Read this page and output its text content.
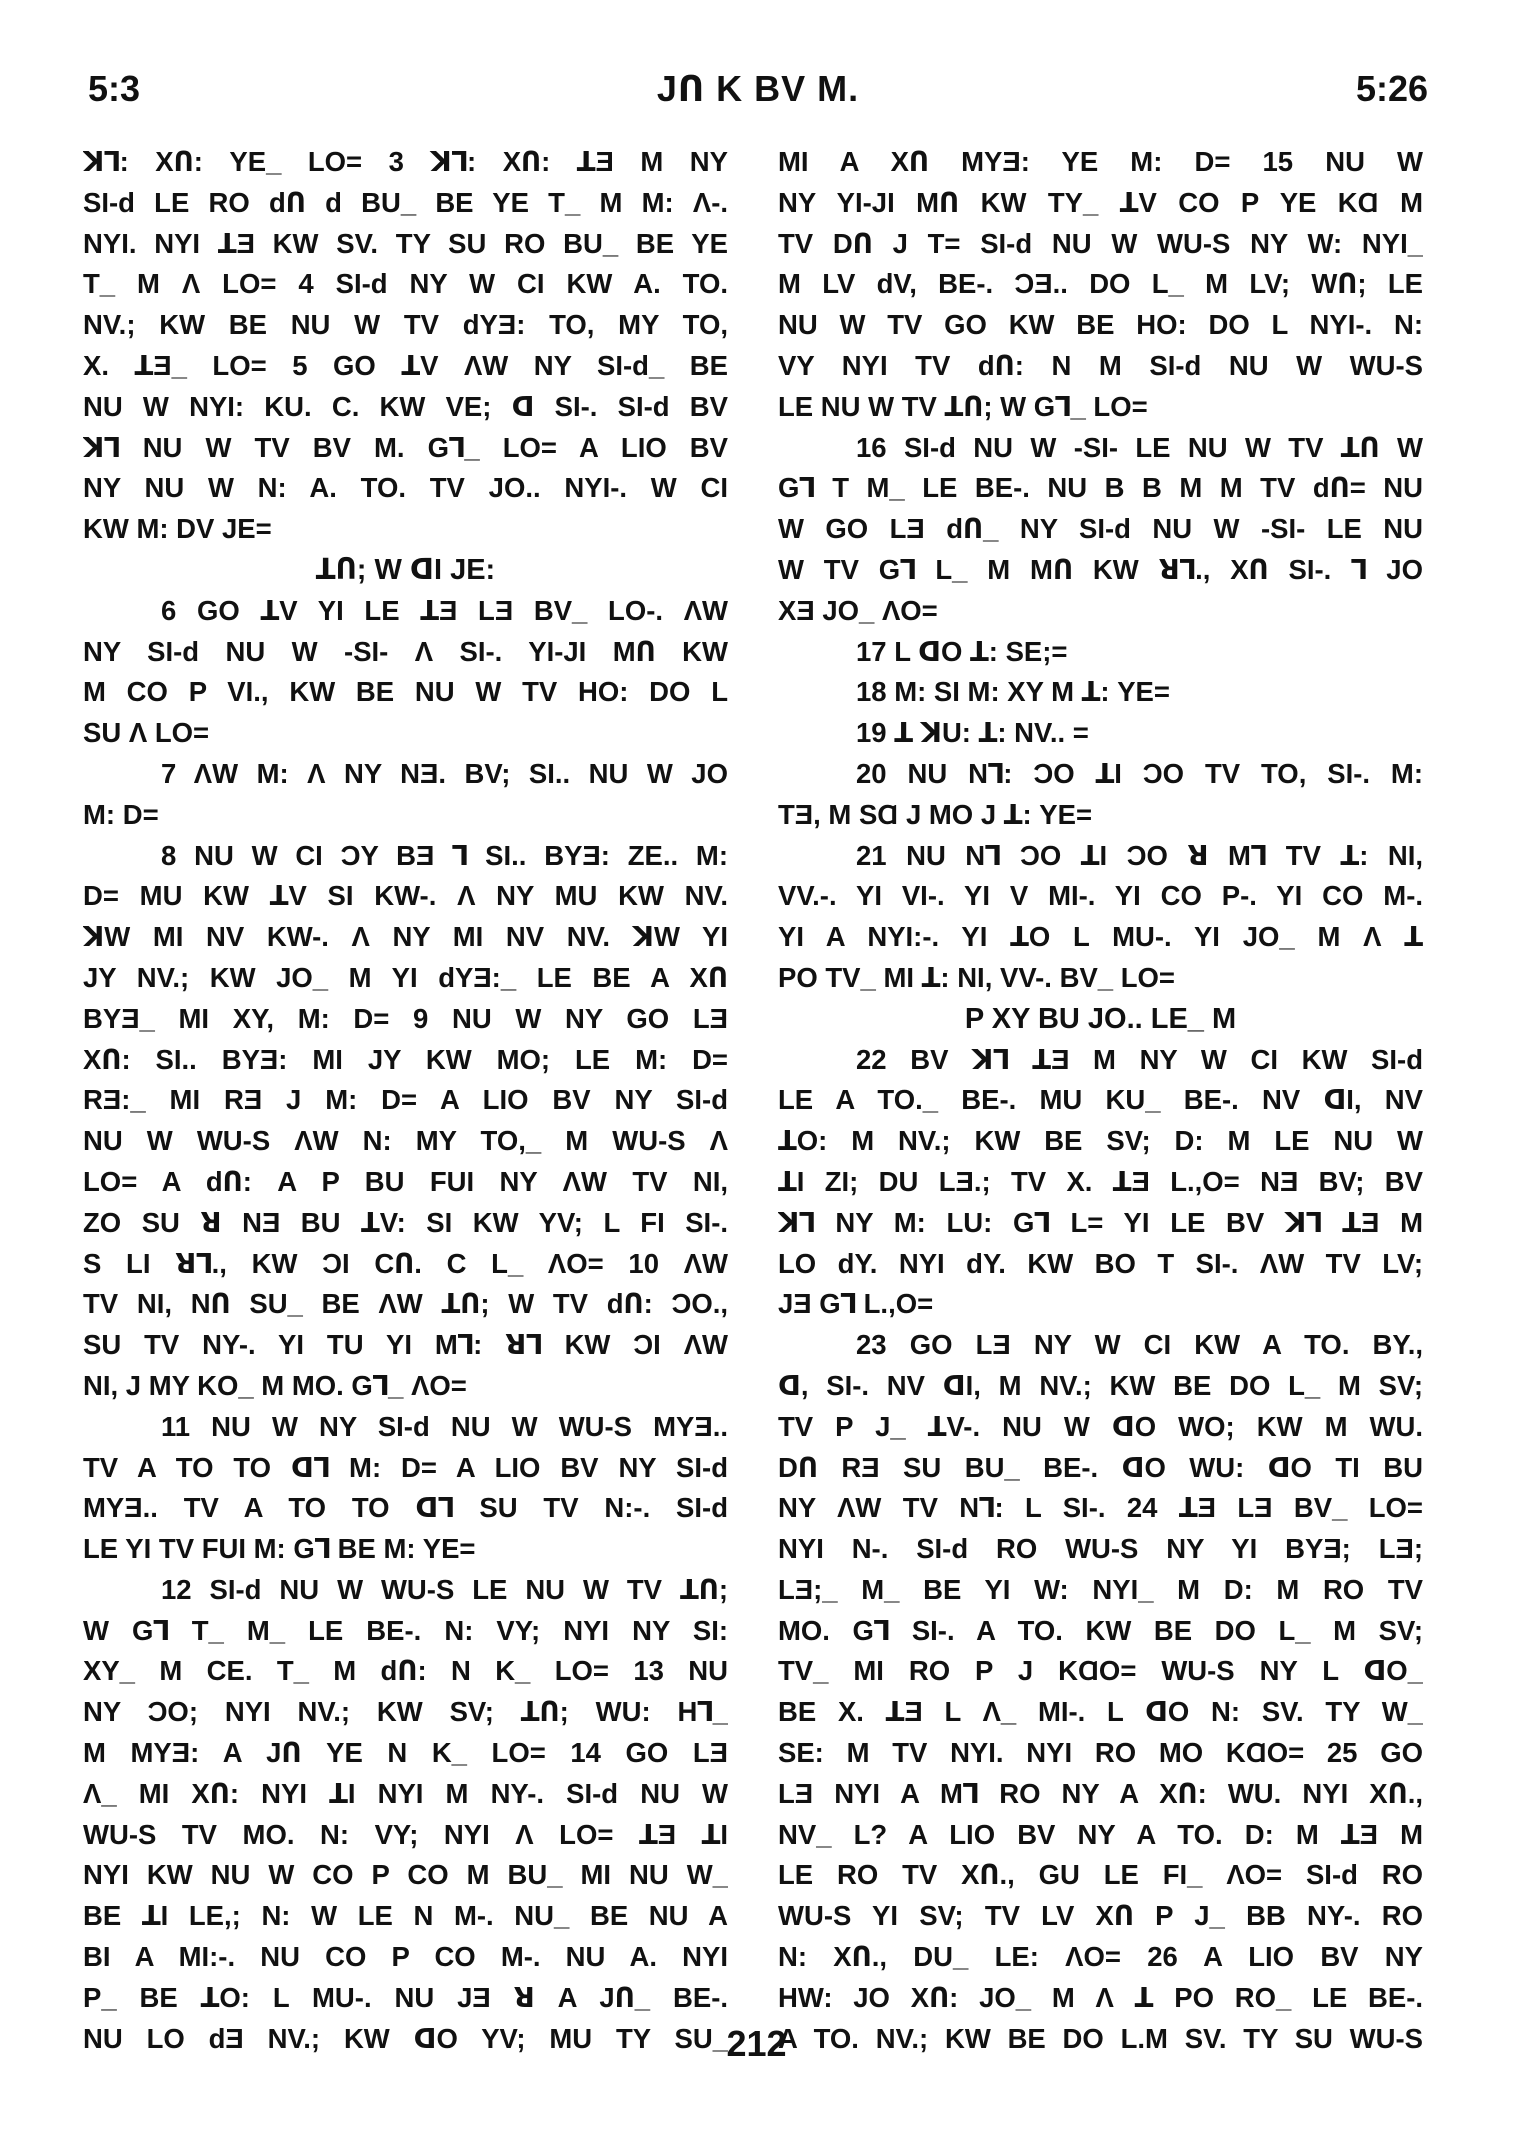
5:3	JՈ K BV M.	5:26
ꓘ⅂: XՈ: YE_ LO= 3 ꓘ⅂: XՈ: ꓕƎ M NY
SI-d LE RO dՈ d BU_ BE YE T_ M M: Λ-.
NYI. NYI ꓕƎ KW SV. TY SU RO BU_ BE YE
T_ M Λ LO= 4 SI-d NY W CI KW A. TO.
NV.; KW BE NU W TV dYƎ: TO, MY TO,
X. ꓕƎ_ LO= 5 GO ꓕV ΛW NY SI-d_ BE
NU W NYI: KU. C. KW VE; ꓷ SI-. SI-d BV
ꓘ⅂ NU W TV BV M. G⅂_ LO= A LIO BV
NY NU W N: A. TO. TV JO.. NYI-. W CI
KW M: DV JE=
ꓕՈ; W ꓷI JE:
6 GO ꓕV YI LE ꓕƎ LƎ BV_ LO-. ΛW
NY SI-d NU W -SI- Λ SI-. YI-JI MՈ KW
M CO P VI., KW BE NU W TV HO: DO L
SU Λ LO=
7 ΛW M: Λ NY NƎ. BV; SI.. NU W JO
M: D=
8 NU W CI ƆY BƎ ⅂ SI.. BYƎ: ZE.. M:
D= MU KW ꓕV SI KW-. Λ NY MU KW NV.
ꓘW MI NV KW-. Λ NY MI NV NV. ꓘW YI
JY NV.; KW JO_ M YI dYƎ:_ LE BE A XՈ
BYƎ_ MI XY, M: D= 9 NU W NY GO LƎ
XՈ: SI.. BYƎ: MI JY KW MO; LE M: D=
RƎ:_ MI RƎ J M: D= A LIO BV NY SI-d
NU W WU-S ΛW N: MY TO,_ M WU-S Λ
LO= A dՈ: A P BU FUI NY ΛW TV NI,
ZO SU ꓤ NƎ BU ꓕV: SI KW YV; L FI SI-.
S LI ꓤ⅂., KW ƆI CՈ. C L_ ΛO= 10 ΛW
TV NI, NՈ SU_ BE ΛW ꓕՈ; W TV dՈ: ƆO.,
SU TV NY-. YI TU YI M⅂: ꓤ⅂ KW ƆI ΛW
NI, J MY KO_ M MO. G⅂_ ΛO=
11 NU W NY SI-d NU W WU-S MYƎ..
TV A TO TO ꓷ⅂ M: D= A LIO BV NY SI-d
MYƎ.. TV A TO TO ꓷ⅂ SU TV N:-. SI-d
LE YI TV FUI M: G⅂ BE M: YE=
12 SI-d NU W WU-S LE NU W TV ꓕՈ;
W G⅂ T_ M_ LE BE-. N: VY; NYI NY SI:
XY_ M CE. T_ M dՈ: N K_ LO= 13 NU
NY ƆO; NYI NV.; KW SV; ꓕՈ; WU: H⅂_
M MYƎ: A JՈ YE N K_ LO= 14 GO LƎ
Λ_ MI XՈ: NYI ꓕI NYI M NY-. SI-d NU W
WU-S TV MO. N: VY; NYI Λ LO= ꓕƎ ꓕI
NYI KW NU W CO P CO M BU_ MI NU W_
BE ꓕI LE,; N: W LE N M-. NU_ BE NU A
BI A MI:-. NU CO P CO M-. NU A. NYI
P_ BE ꓕO: L MU-. NU JƎ ꓤ A JՈ_ BE-.
NU LO dƎ NV.; KW ꓷO YV; MU TY SU_
MI A XՈ MYƎ: YE M: D= 15 NU W
NY YI-JI MՈ KW TY_ ꓕV CO P YE KⱭ M
TV DՈ J T= SI-d NU W WU-S NY W: NYI_
M LV dV, BE-. ƆƎ.. DO L_ M LV; WՈ; LE
NU W TV GO KW BE HO: DO L NYI-. N:
VY NYI TV dՈ: N M SI-d NU W WU-S
LE NU W TV ꓕՈ; W G⅂_ LO=
16 SI-d NU W -SI- LE NU W TV ꓕՈ W
G⅂ T M_ LE BE-. NU B B M M TV dՈ= NU
W GO LƎ dՈ_ NY SI-d NU W -SI- LE NU
W TV G⅂ L_ M MՈ KW ꓤ⅂., XՈ SI-. ⅂ JO
XƎ JO_ ΛO=
17 L ꓷO ꓕ: SE;=
18 M: SI M: XY M ꓕ: YE=
19 ꓕ ꓘU: ꓕ: NV.. =
20 NU N⅂: ƆO ꓕI ƆO TV TO, SI-. M:
TƎ, M SⱭ J MO J ꓕ: YE=
21 NU N⅂ ƆO ꓕI ƆO ꓤ M⅂ TV ꓕ: NI,
VV.-. YI VI-. YI V MI-. YI CO P-. YI CO M-.
YI A NYI:-. YI ꓕO L MU-. YI JO_ M Λ ꓕ
PO TV_ MI ꓕ: NI, VV-. BV_ LO=
P XY BU JO.. LE_ M
22 BV ꓘ⅂ ꓕƎ M NY W CI KW SI-d
LE A TO._ BE-. MU KU_ BE-. NV ꓷI, NV
ꓕO: M NV.; KW BE SV; D: M LE NU W
ꓕI ZI; DU LƎ.; TV X. ꓕƎ L.,O= NƎ BV; BV
ꓘ⅂ NY M: LU: G⅂ L= YI LE BV ꓘ⅂ ꓕƎ M
LO dY. NYI dY. KW BO T SI-. ΛW TV LV;
JƎ G⅂ L.,O=
23 GO LƎ NY W CI KW A TO. BY.,
ꓷ, SI-. NV ꓷI, M NV.; KW BE DO L_ M SV;
TV P J_ ꓕV-. NU W ꓷO WO; KW M WU.
DՈ RƎ SU BU_ BE-. ꓷO WU: ꓷO TI BU
NY ΛW TV N⅂: L SI-. 24 ꓕƎ LƎ BV_ LO=
NYI N-. SI-d RO WU-S NY YI BYƎ; LƎ;
LƎ;_ M_ BE YI W: NYI_ M D: M RO TV
MO. G⅂ SI-. A TO. KW BE DO L_ M SV;
TV_ MI RO P J KⱭO= WU-S NY L ꓷO_
BE X. ꓕƎ L Λ_ MI-. L ꓷO N: SV. TY W_
SE: M TV NYI. NYI RO MO KⱭO= 25 GO
LƎ NYI A M⅂ RO NY A XՈ: WU. NYI XՈ.,
NV_ L? A LIO BV NY A TO. D: M ꓕƎ M
LE RO TV XՈ., GU LE FI_ ΛO= SI-d RO
WU-S YI SV; TV LV XՈ P J_ BB NY-. RO
N: XՈ., DU_ LE: ΛO= 26 A LIO BV NY
HW: JO XՈ: JO_ M Λ ꓕ PO RO_ LE BE-.
A TO. NV.; KW BE DO L.M SV. TY SU WU-S
212
